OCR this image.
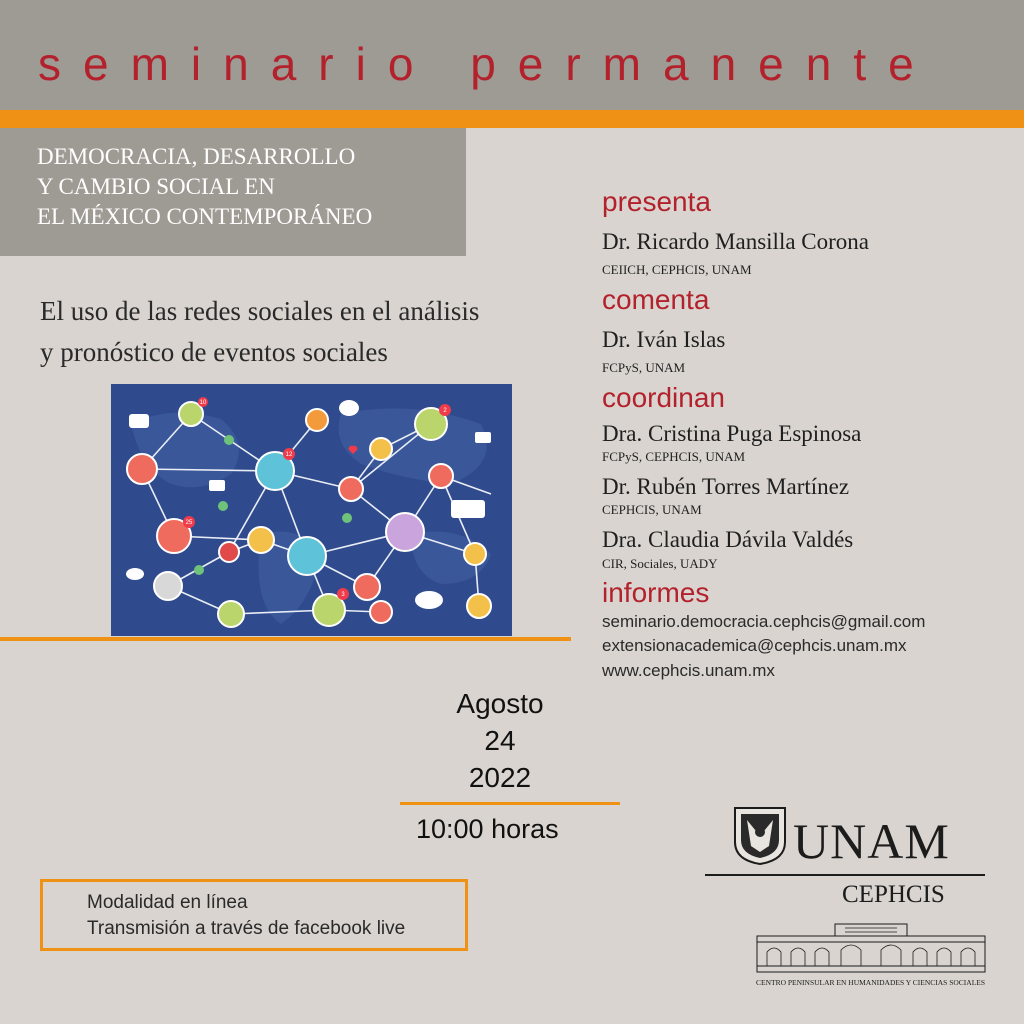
seminario permanente
DEMOCRACIA, DESARROLLO
Y CAMBIO SOCIAL EN
EL MÉXICO CONTEMPORÁNEO
El uso de las redes sociales en el análisis
y pronóstico de eventos sociales
10
2
12
25
3
presenta
Dr. Ricardo Mansilla Corona
CEIICH, CEPHCIS, UNAM
comenta
Dr. Iván Islas
FCPyS, UNAM
coordinan
Dra. Cristina Puga Espinosa
FCPyS, CEPHCIS, UNAM
Dr. Rubén Torres Martínez
CEPHCIS, UNAM
Dra. Claudia Dávila Valdés
CIR, Sociales, UADY
informes
seminario.democracia.cephcis@gmail.com
extensionacademica@cephcis.unam.mx
www.cephcis.unam.mx
Agosto
24
2022
10:00 horas
Modalidad en línea
Transmisión a través de facebook live
UNAM
CEPHCIS
CENTRO PENINSULAR EN HUMANIDADES Y CIENCIAS SOCIALES
